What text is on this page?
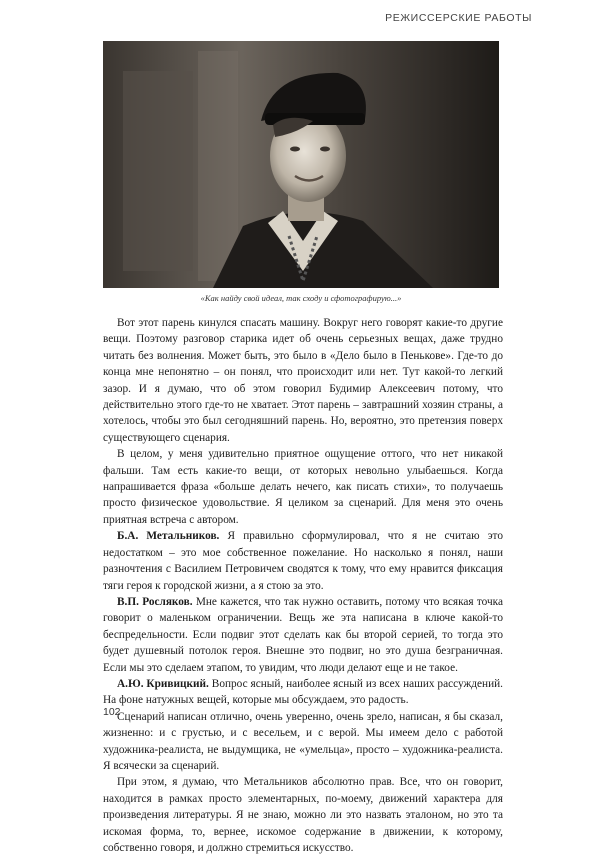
РЕЖИССЕРСКИЕ РАБОТЫ
«Как найду свой идеал, так сходу и сфотографирую...»

Вот этот парень кинулся спасать машину. Вокруг него говорят какие-то другие вещи. Поэтому разговор старика идет об очень серьезных вещах, даже трудно читать без волнения. Может быть, это было в «Дело было в Пенькове». Где-то до конца мне непонятно – он понял, что происходит или нет. Тут какой-то легкий зазор. И я думаю, что об этом говорил Будимир Алексеевич потому, что действительно этого где-то не хватает. Этот парень – завтрашний хозяин страны, а хотелось, чтобы это был сегодняшний парень. Но, вероятно, это претензия поверх существующего сценария.

В целом, у меня удивительно приятное ощущение оттого, что нет никакой фальши. Там есть какие-то вещи, от которых невольно улыбаешься. Когда напрашивается фраза «больше делать нечего, как писать стихи», то получаешь просто физическое удовольствие. Я целиком за сценарий. Для меня это очень приятная встреча с автором.

Б.А. Метальников. Я правильно сформулировал, что я не считаю это недостатком – это мое собственное пожелание. Но насколько я понял, наши разночтения с Василием Петровичем сводятся к тому, что ему нравится фиксация тяги героя к городской жизни, а я стою за это.

В.П. Росляков. Мне кажется, что так нужно оставить, потому что всякая точка говорит о маленьком ограничении. Вещь же эта написана в ключе какой-то беспредельности. Если подвиг этот сделать как бы второй серией, то тогда это будет душевный потолок героя. Внешне это подвиг, но это душа безграничная. Если мы это сделаем этапом, то увидим, что люди делают еще и не такое.

А.Ю. Кривицкий. Вопрос ясный, наиболее ясный из всех наших рассуждений. На фоне натужных вещей, которые мы обсуждаем, это радость.

Сценарий написан отлично, очень уверенно, очень зрело, написан, я бы сказал, жизненно: и с грустью, и с весельем, и с верой. Мы имеем дело с работой художника-реалиста, не выдумщика, не «умельца», просто – художника-реалиста. Я всячески за сценарий.

При этом, я думаю, что Метальников абсолютно прав. Все, что он говорит, находится в рамках просто элементарных, по-моему, движений характера для произведения литературы. Я не знаю, можно ли это назвать эталоном, но это та искомая форма, то, вернее, искомое содержание в движении, к которому, собственно говоря, и должно стремиться искусство.

102
